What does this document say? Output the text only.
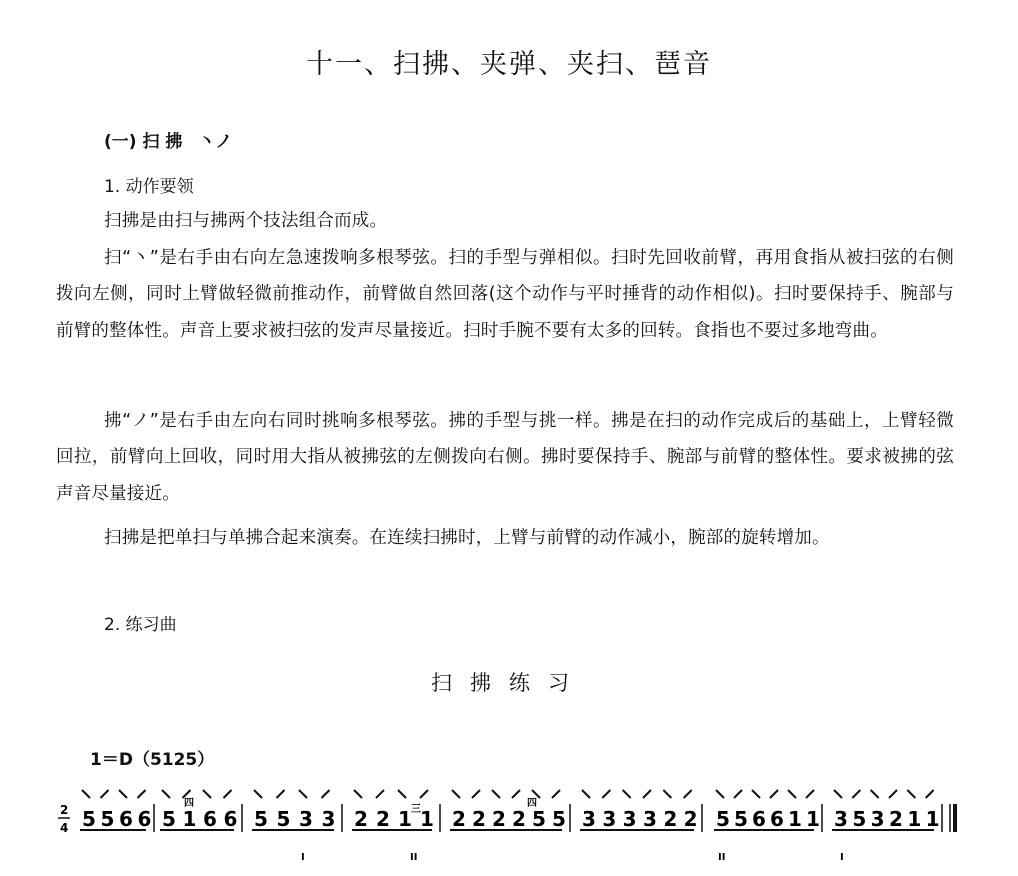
十一、扫拂、夹弹、夹扫、琶音
(一) 扫 拂 丶ノ
1. 动作要领
扫拂是由扫与拂两个技法组合而成。
扫“丶”是右手由右向左急速拨响多根琴弦。扫的手型与弹相似。扫时先回收前臂，再用食指从被扫弦的右侧拨向左侧，同时上臂做轻微前推动作，前臂做自然回落(这个动作与平时捶背的动作相似)。扫时要保持手、腕部与前臂的整体性。声音上要求被扫弦的发声尽量接近。扫时手腕不要有太多的回转。食指也不要过多地弯曲。
拂“ノ”是右手由左向右同时挑响多根琴弦。拂的手型与挑一样。拂是在扫的动作完成后的基础上，上臂轻微回拉，前臂向上回收，同时用大指从被拂弦的左侧拨向右侧。拂时要保持手、腕部与前臂的整体性。要求被拂的弦声音尽量接近。
扫拂是把单扫与单拂合起来演奏。在连续扫拂时，上臂与前臂的动作减小，腕部的旋转增加。
2. 练习曲
扫拂练习
1＝D（5125）
2
4 5 5 6 6 5 1 6 6 5 5 3 3 2 2 1 1 2 2 2 2 5 5 3 3 3 3 2 2 5 5 6 6 1 1 3 5 3 2 1 1
四
三
四
I	II	II	I
